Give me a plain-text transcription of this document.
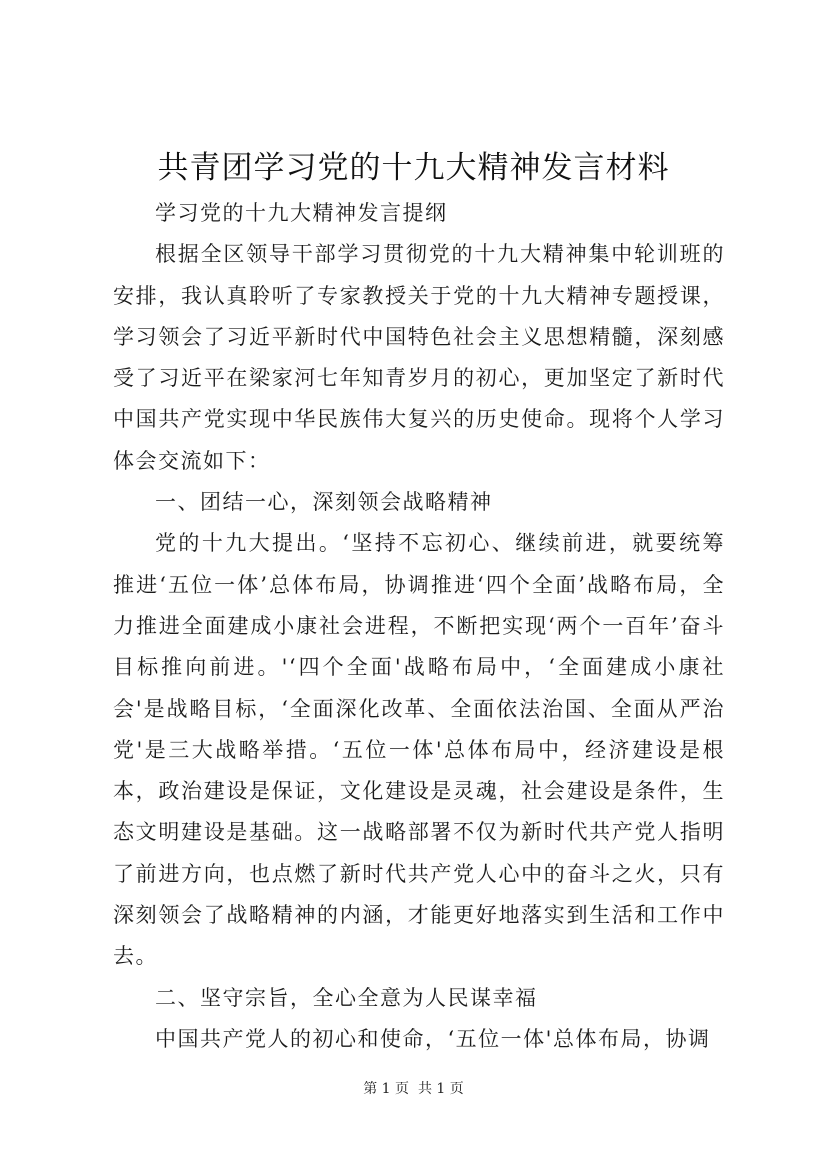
共青团学习党的十九大精神发言材料

学习党的十九大精神发言提纲

根据全区领导干部学习贯彻党的十九大精神集中轮训班的安排，我认真聆听了专家教授关于党的十九大精神专题授课，学习领会了习近平新时代中国特色社会主义思想精髓，深刻感受了习近平在梁家河七年知青岁月的初心，更加坚定了新时代中国共产党实现中华民族伟大复兴的历史使命。现将个人学习体会交流如下：

一、团结一心，深刻领会战略精神

党的十九大提出。‘坚持不忘初心、继续前进，就要统筹推进‘五位一体’总体布局，协调推进‘四个全面’战略布局，全力推进全面建成小康社会进程，不断把实现‘两个一百年’奋斗目标推向前进。'‘四个全面'战略布局中，‘全面建成小康社会'是战略目标，‘全面深化改革、全面依法治国、全面从严治党'是三大战略举措。‘五位一体'总体布局中，经济建设是根本，政治建设是保证，文化建设是灵魂，社会建设是条件，生态文明建设是基础。这一战略部署不仅为新时代共产党人指明了前进方向，也点燃了新时代共产党人心中的奋斗之火，只有深刻领会了战略精神的内涵，才能更好地落实到生活和工作中去。

二、坚守宗旨，全心全意为人民谋幸福

中国共产党人的初心和使命，‘五位一体'总体布局，协调

第 1 页  共 1 页
